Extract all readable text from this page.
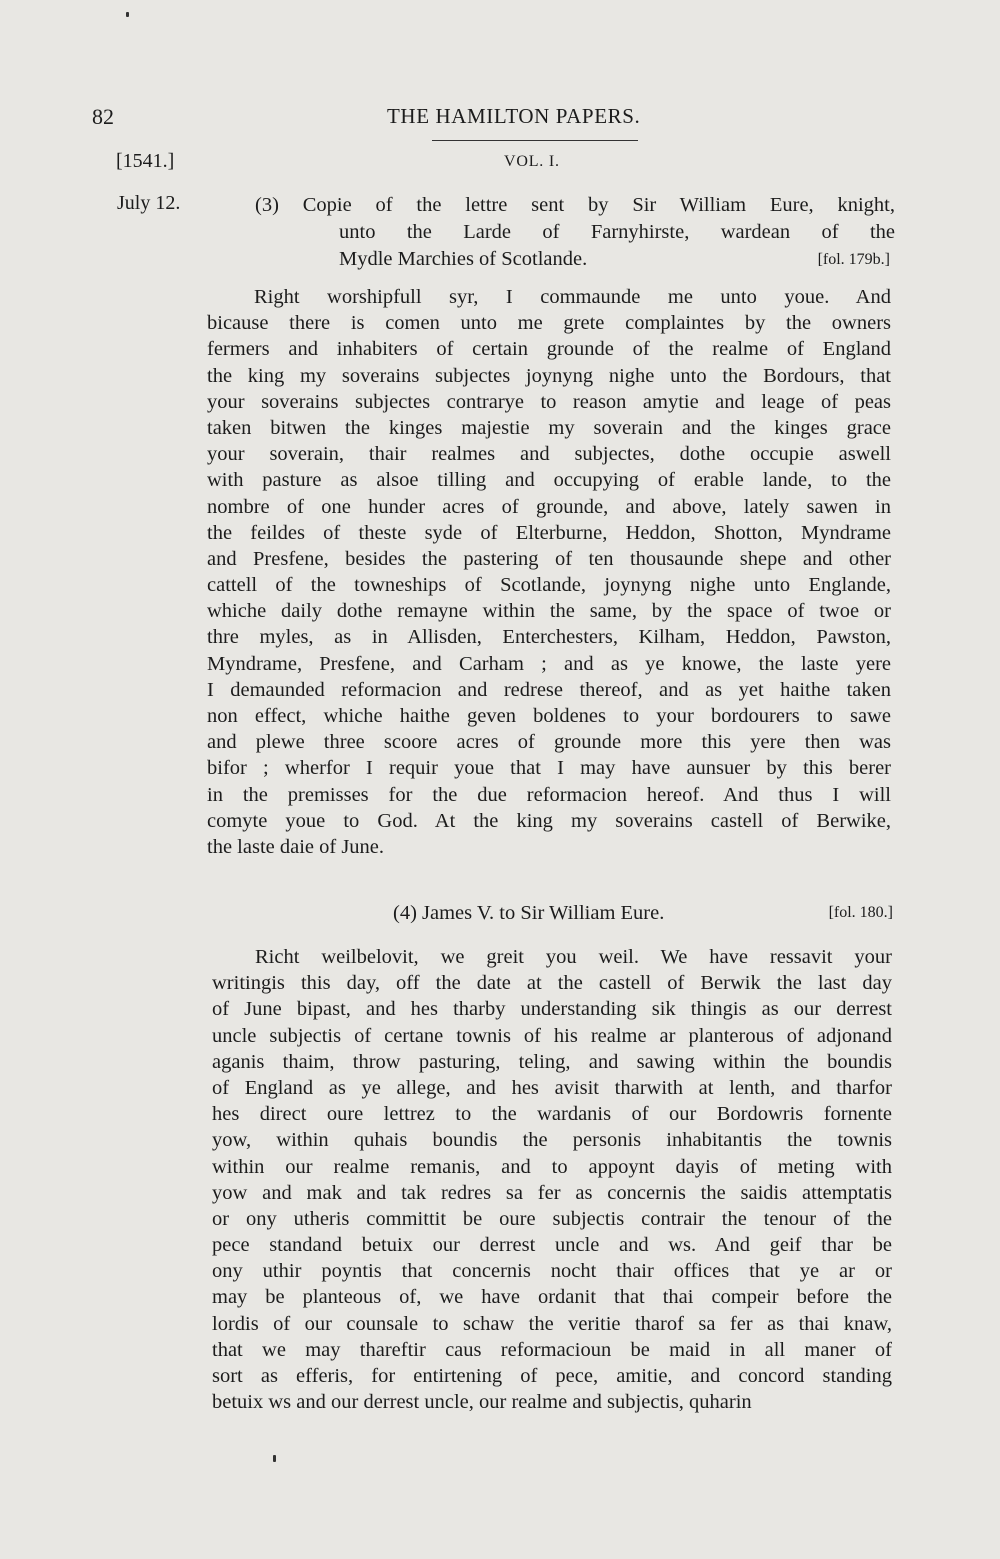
82	THE HAMILTON PAPERS.
[1541.]	VOL. I.
July 12.	(3) Copie of the lettre sent by Sir William Eure, knight,
unto the Larde of Farnyhirste, wardean of the
Mydle Marchies of Scotlande.	[fol. 179b.]
Right worshipfull syr, I commaunde me unto youe. And
bicause there is comen unto me grete complaintes by the owners
fermers and inhabiters of certain grounde of the realme of England
the king my soverains subjectes joynyng nighe unto the Bordours, that
your soverains subjectes contrarye to reason amytie and leage of peas
taken bitwen the kinges majestie my soverain and the kinges grace
your soverain, thair realmes and subjectes, dothe occupie aswell
with pasture as alsoe tilling and occupying of erable lande, to the
nombre of one hunder acres of grounde, and above, lately sawen in
the feildes of theste syde of Elterburne, Heddon, Shotton, Myndrame
and Presfene, besides the pastering of ten thousaunde shepe and other
cattell of the towneships of Scotlande, joynyng nighe unto Englande,
whiche daily dothe remayne within the same, by the space of twoe or
thre myles, as in Allisden, Enterchesters, Kilham, Heddon, Pawston,
Myndrame, Presfene, and Carham ; and as ye knowe, the laste yere
I demaunded reformacion and redrese thereof, and as yet haithe taken
non effect, whiche haithe geven boldenes to your bordourers to sawe
and plewe three scoore acres of grounde more this yere then was
bifor ; wherfor I requir youe that I may have aunsuer by this berer
in the premisses for the due reformacion hereof. And thus I will
comyte youe to God. At the king my soverains castell of Berwike,
the laste daie of June.
(4) James V. to Sir William Eure.	[fol. 180.]
Richt weilbelovit, we greit you weil. We have ressavit your
writingis this day, off the date at the castell of Berwik the last day
of June bipast, and hes tharby understanding sik thingis as our derrest
uncle subjectis of certane townis of his realme ar planterous of adjonand
aganis thaim, throw pasturing, teling, and sawing within the boundis
of England as ye allege, and hes avisit tharwith at lenth, and tharfor
hes direct oure lettrez to the wardanis of our Bordowris fornente
yow, within quhais boundis the personis inhabitantis the townis
within our realme remanis, and to appoynt dayis of meting with
yow and mak and tak redres sa fer as concernis the saidis attemptatis
or ony utheris committit be oure subjectis contrair the tenour of the
pece standand betuix our derrest uncle and ws. And geif thar be
ony uthir poyntis that concernis nocht thair offices that ye ar or
may be planteous of, we have ordanit that thai compeir before the
lordis of our counsale to schaw the veritie tharof sa fer as thai knaw,
that we may thareftir caus reformacioun be maid in all maner of
sort as efferis, for entirtening of pece, amitie, and concord standing
betuix ws and our derrest uncle, our realme and subjectis, quharin
